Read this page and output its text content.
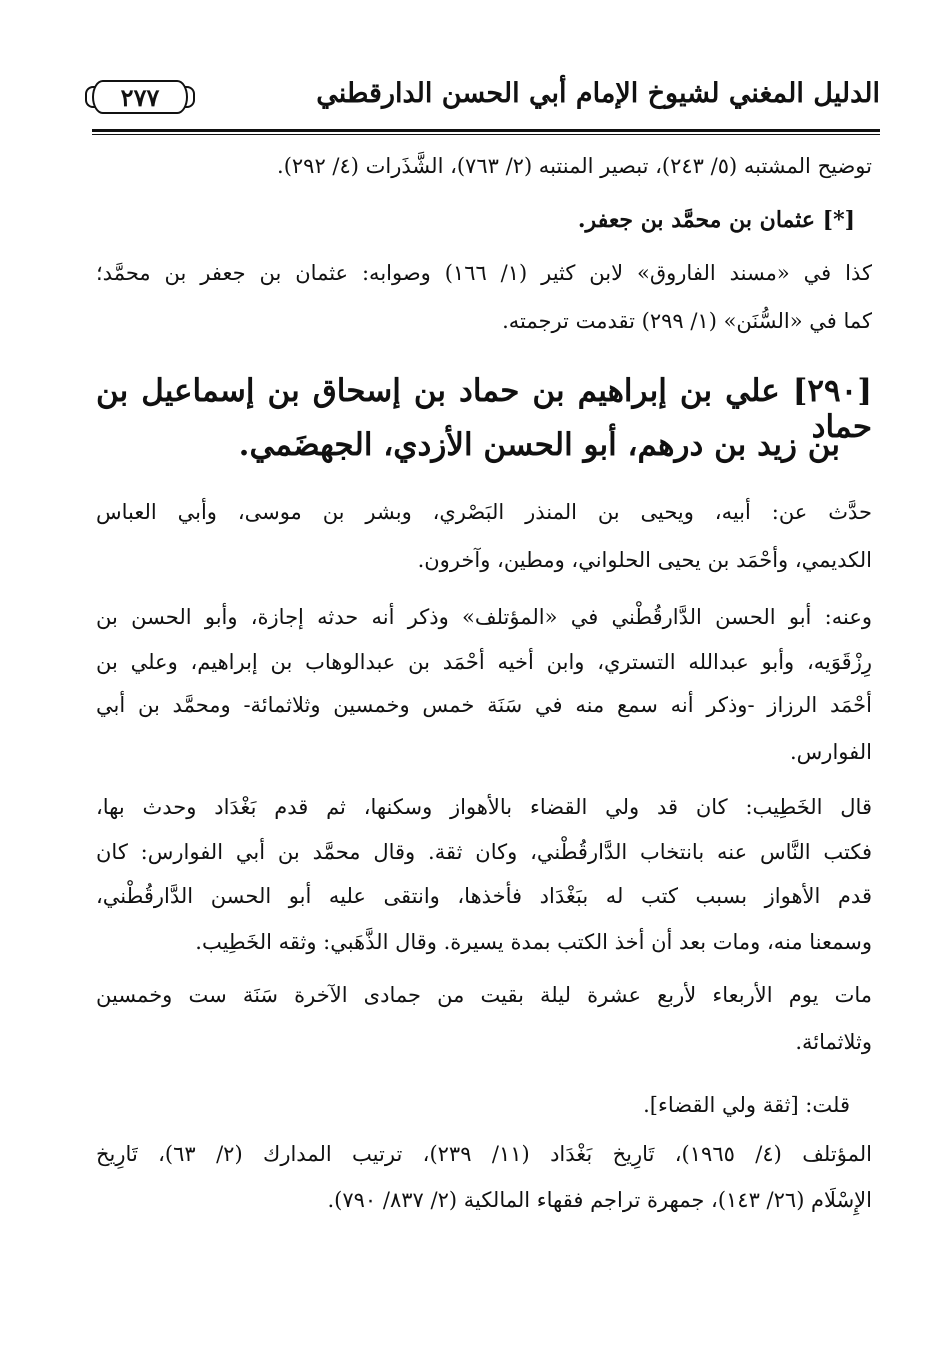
الدليل المغني لشيوخ الإمام أبي الحسن الدارقطني
٢٧٧
توضيح المشتبه (٥/ ٢٤٣)، تبصير المنتبه (٢/ ٧٦٣)، الشَّذَرات (٤/ ٢٩٢).
[*] عثمان بن محمَّد بن جعفر.
كذا في «مسند الفاروق» لابن كثير (١/ ١٦٦) وصوابه: عثمان بن جعفر بن محمَّد؛
كما في «السُّنَن» (١/ ٢٩٩) تقدمت ترجمته.
[٢٩٠] علي بن إبراهيم بن حماد بن إسحاق بن إسماعيل بن حماد
بن زيد بن درهم، أبو الحسن الأزدي، الجهضَمي.
حدَّث عن: أبيه، ويحيى بن المنذر البَصْري، وبشر بن موسى، وأبي العباس
الكديمي، وأحْمَد بن يحيى الحلواني، ومطين، وآخرون.
وعنه: أبو الحسن الدَّارقُطْني في «المؤتلف» وذكر أنه حدثه إجازة، وأبو الحسن بن
رِزْقَوَيه، وأبو عبدالله التستري، وابن أخيه أحْمَد بن عبدالوهاب بن إبراهيم، وعلي بن
أحْمَد الرزاز -وذكر أنه سمع منه في سَنَة خمس وخمسين وثلاثمائة- ومحمَّد بن أبي
الفوارس.
قال الخَطِيب: كان قد ولي القضاء بالأهواز وسكنها، ثم قدم بَغْدَاد وحدث بها،
فكتب النَّاس عنه بانتخاب الدَّارقُطْني، وكان ثقة. وقال محمَّد بن أبي الفوارس: كان
قدم الأهواز بسبب كتب له ببَغْدَاد فأخذها، وانتقى عليه أبو الحسن الدَّارقُطْني،
وسمعنا منه، ومات بعد أن أخذ الكتب بمدة يسيرة. وقال الذَّهَبي: وثقه الخَطِيب.
مات يوم الأربعاء لأربع عشرة ليلة بقيت من جمادى الآخرة سَنَة ست وخمسين
وثلاثمائة.
قلت: [ثقة ولي القضاء].
المؤتلف (٤/ ١٩٦٥)، تَارِيخ بَغْدَاد (١١/ ٢٣٩)، ترتيب المدارك (٢/ ٦٣)، تَارِيخ
الإِسْلَام (٢٦/ ١٤٣)، جمهرة تراجم فقهاء المالكية (٢/ ٨٣٧/ ٧٩٠).
